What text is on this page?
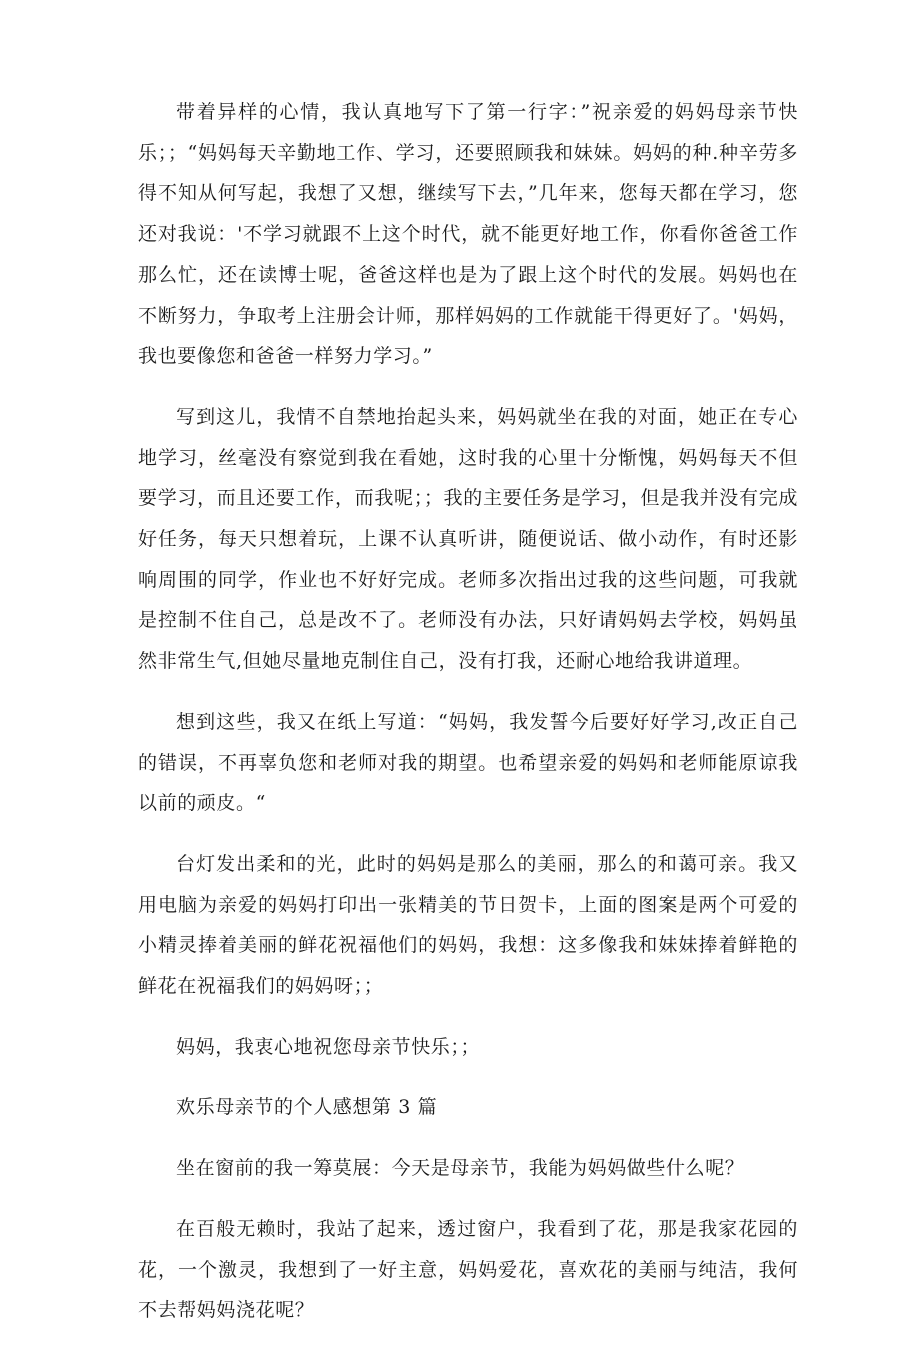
带着异样的心情，我认真地写下了第一行字：”祝亲爱的妈妈母亲节快乐；；“妈妈每天辛勤地工作、学习，还要照顾我和妹妹。妈妈的种.种辛劳多得不知从何写起，我想了又想，继续写下去，”几年来，您每天都在学习，您还对我说：'不学习就跟不上这个时代，就不能更好地工作，你看你爸爸工作那么忙，还在读博士呢，爸爸这样也是为了跟上这个时代的发展。妈妈也在不断努力，争取考上注册会计师，那样妈妈的工作就能干得更好了。'妈妈，我也要像您和爸爸一样努力学习。”

写到这儿，我情不自禁地抬起头来，妈妈就坐在我的对面，她正在专心地学习，丝毫没有察觉到我在看她，这时我的心里十分惭愧，妈妈每天不但要学习，而且还要工作，而我呢；；我的主要任务是学习，但是我并没有完成好任务，每天只想着玩，上课不认真听讲，随便说话、做小动作，有时还影响周围的同学，作业也不好好完成。老师多次指出过我的这些问题，可我就是控制不住自己，总是改不了。老师没有办法，只好请妈妈去学校，妈妈虽然非常生气,但她尽量地克制住自己，没有打我，还耐心地给我讲道理。

想到这些，我又在纸上写道：“妈妈，我发誓今后要好好学习,改正自己的错误，不再辜负您和老师对我的期望。也希望亲爱的妈妈和老师能原谅我以前的顽皮。“

台灯发出柔和的光，此时的妈妈是那么的美丽，那么的和蔼可亲。我又用电脑为亲爱的妈妈打印出一张精美的节日贺卡，上面的图案是两个可爱的小精灵捧着美丽的鲜花祝福他们的妈妈，我想：这多像我和妹妹捧着鲜艳的鲜花在祝福我们的妈妈呀；；

妈妈，我衷心地祝您母亲节快乐；；

欢乐母亲节的个人感想第 3 篇

坐在窗前的我一筹莫展：今天是母亲节，我能为妈妈做些什么呢？

在百般无赖时，我站了起来，透过窗户，我看到了花，那是我家花园的花，一个激灵，我想到了一好主意，妈妈爱花，喜欢花的美丽与纯洁，我何不去帮妈妈浇花呢？
